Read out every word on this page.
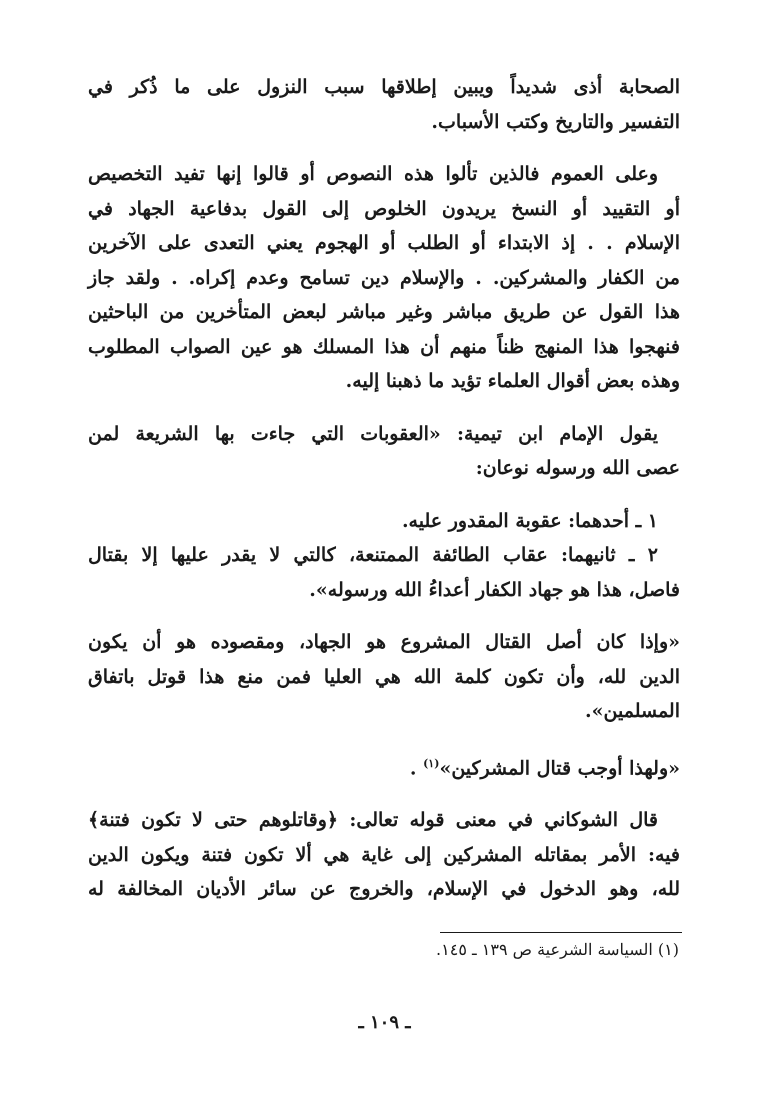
الصحابة أذى شديداً ويبين إطلاقها سبب النزول على ما ذُكر في
التفسير والتاريخ وكتب الأسباب.

وعلى العموم فالذين تألوا هذه النصوص أو قالوا إنها تفيد التخصيص
أو التقييد أو النسخ يريدون الخلوص إلى القول بدفاعية الجهاد في
الإسلام . . إذ الابتداء أو الطلب أو الهجوم يعني التعدى على الآخرين
من الكفار والمشركين. . والإسلام دين تسامح وعدم إكراه. . ولقد جاز
هذا القول عن طريق مباشر وغير مباشر لبعض المتأخرين من الباحثين
فنهجوا هذا المنهج ظناً منهم أن هذا المسلك هو عين الصواب المطلوب
وهذه بعض أقوال العلماء تؤيد ما ذهبنا إليه.

يقول الإمام ابن تيمية: «العقوبات التي جاءت بها الشريعة لمن
عصى الله ورسوله نوعان:

١ ـ أحدهما: عقوبة المقدور عليه.
٢ ـ ثانيهما: عقاب الطائفة الممتنعة، كالتي لا يقدر عليها إلا بقتال
فاصل، هذا هو جهاد الكفار أعداءُ الله ورسوله».

«وإذا كان أصل القتال المشروع هو الجهاد، ومقصوده هو أن يكون
الدين لله، وأن تكون كلمة الله هي العليا فمن منع هذا قوتل باتفاق
المسلمين».

«ولهذا أوجب قتال المشركين»$^{(١)}$ .

قال الشوكاني في معنى قوله تعالى: ﴿وقاتلوهم حتى لا تكون فتنة﴾
فيه: الأمر بمقاتله المشركين إلى غاية هي ألا تكون فتنة ويكون الدين
لله، وهو الدخول في الإسلام، والخروج عن سائر الأديان المخالفة له

(١) السياسة الشرعية ص ١٣٩ ـ ١٤٥.
ـ ١٠٩ ـ
